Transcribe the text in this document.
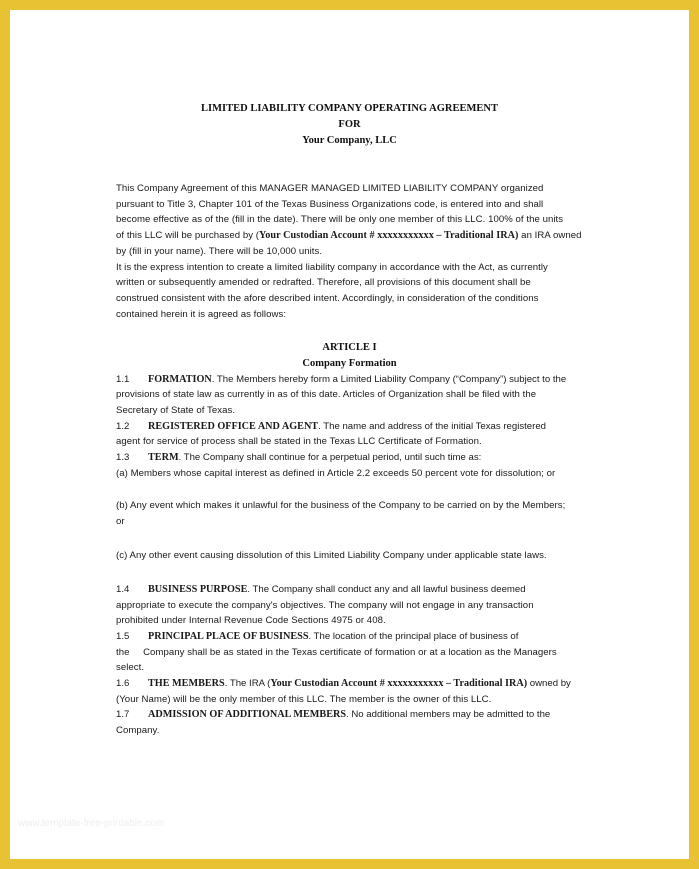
LIMITED LIABILITY COMPANY OPERATING AGREEMENT
FOR
Your Company, LLC
This Company Agreement of this MANAGER MANAGED LIMITED LIABILITY COMPANY organized
pursuant to Title 3, Chapter 101 of the Texas Business Organizations code, is entered into and shall
become effective as of the (fill in the date). There will be only one member of this LLC. 100% of the units
of this LLC will be purchased by (Your Custodian Account # xxxxxxxxxxx – Traditional IRA) an IRA owned
by (fill in your name). There will be 10,000 units.
It is the express intention to create a limited liability company in accordance with the Act, as currently
written or subsequently amended or redrafted. Therefore, all provisions of this document shall be
construed consistent with the afore described intent. Accordingly, in consideration of the conditions
contained herein it is agreed as follows:
ARTICLE I
Company Formation
1.1 FORMATION. The Members hereby form a Limited Liability Company (“Company”) subject to the
provisions of state law as currently in as of this date. Articles of Organization shall be filed with the
Secretary of State of Texas.
1.2 REGISTERED OFFICE AND AGENT. The name and address of the initial Texas registered
agent for service of process shall be stated in the Texas LLC Certificate of Formation.
1.3 TERM. The Company shall continue for a perpetual period, until such time as:
(a) Members whose capital interest as defined in Article 2.2 exceeds 50 percent vote for dissolution; or
(b) Any event which makes it unlawful for the business of the Company to be carried on by the Members;
or
(c) Any other event causing dissolution of this Limited Liability Company under applicable state laws.
1.4 BUSINESS PURPOSE. The Company shall conduct any and all lawful business deemed
appropriate to execute the company's objectives. The company will not engage in any transaction
prohibited under Internal Revenue Code Sections 4975 or 408.
1.5 PRINCIPAL PLACE OF BUSINESS. The location of the principal place of business of
the     Company shall be as stated in the Texas certificate of formation or at a location as the Managers
select.
1.6 THE MEMBERS. The IRA (Your Custodian Account # xxxxxxxxxxx – Traditional IRA) owned by
(Your Name) will be the only member of this LLC. The member is the owner of this LLC.
1.7 ADMISSION OF ADDITIONAL MEMBERS. No additional members may be admitted to the
Company.
www.template-free-printable.com
